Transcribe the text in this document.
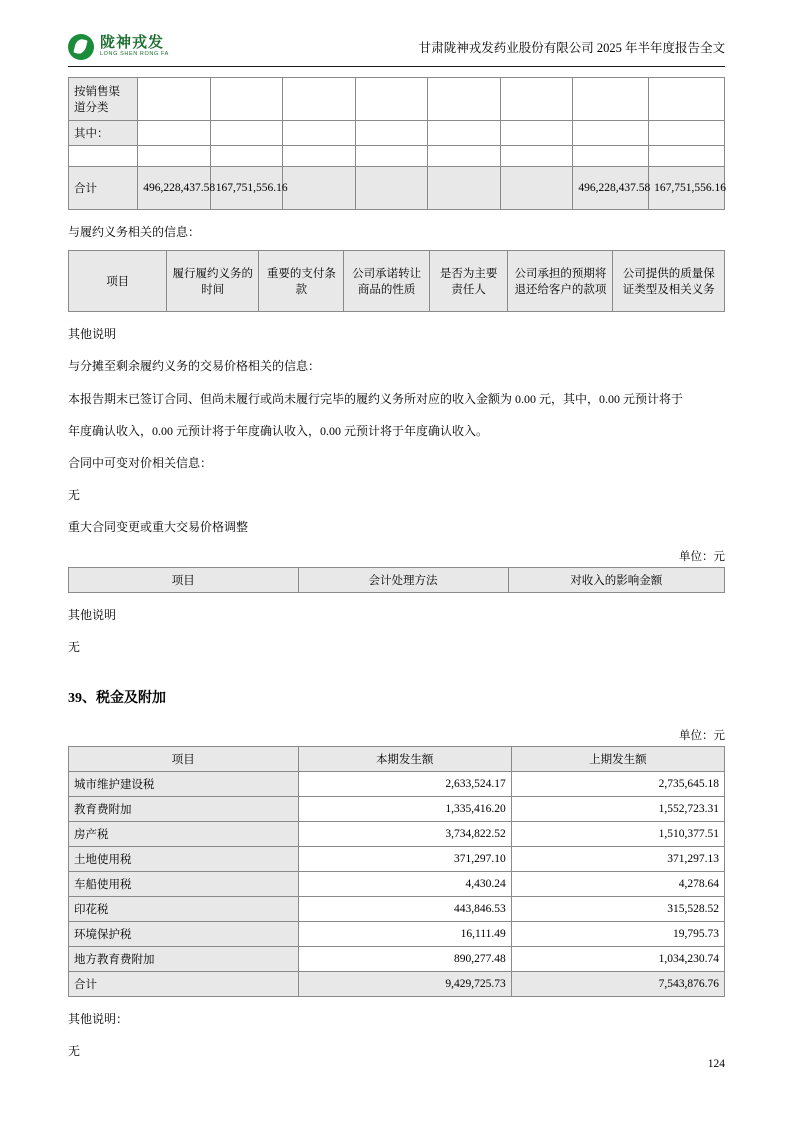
陇神戎发
LONG SHEN RONG FA	甘肃陇神戎发药业股份有限公司 2025 年半年度报告全文
按销售渠
道分类								
其中：								

合计	496,228,437.58	167,751,556.16					496,228,437.58	167,751,556.16

与履约义务相关的信息：

项目	履行履约义务的时间	重要的支付条款	公司承诺转让商品的性质	是否为主要责任人	公司承担的预期将退还给客户的款项	公司提供的质量保证类型及相关义务

其他说明

与分摊至剩余履约义务的交易价格相关的信息：

本报告期末已签订合同、但尚未履行或尚未履行完毕的履约义务所对应的收入金额为 0.00 元，其中，0.00 元预计将于

年度确认收入，0.00 元预计将于年度确认收入，0.00 元预计将于年度确认收入。

合同中可变对价相关信息：

无

重大合同变更或重大交易价格调整

单位：元
项目	会计处理方法	对收入的影响金额

其他说明

无

39、税金及附加
单位：元
项目	本期发生额	上期发生额
城市维护建设税	2,633,524.17	2,735,645.18
教育费附加	1,335,416.20	1,552,723.31
房产税	3,734,822.52	1,510,377.51
土地使用税	371,297.10	371,297.13
车船使用税	4,430.24	4,278.64
印花税	443,846.53	315,528.52
环境保护税	16,111.49	19,795.73
地方教育费附加	890,277.48	1,034,230.74
合计	9,429,725.73	7,543,876.76

其他说明：

无

124
